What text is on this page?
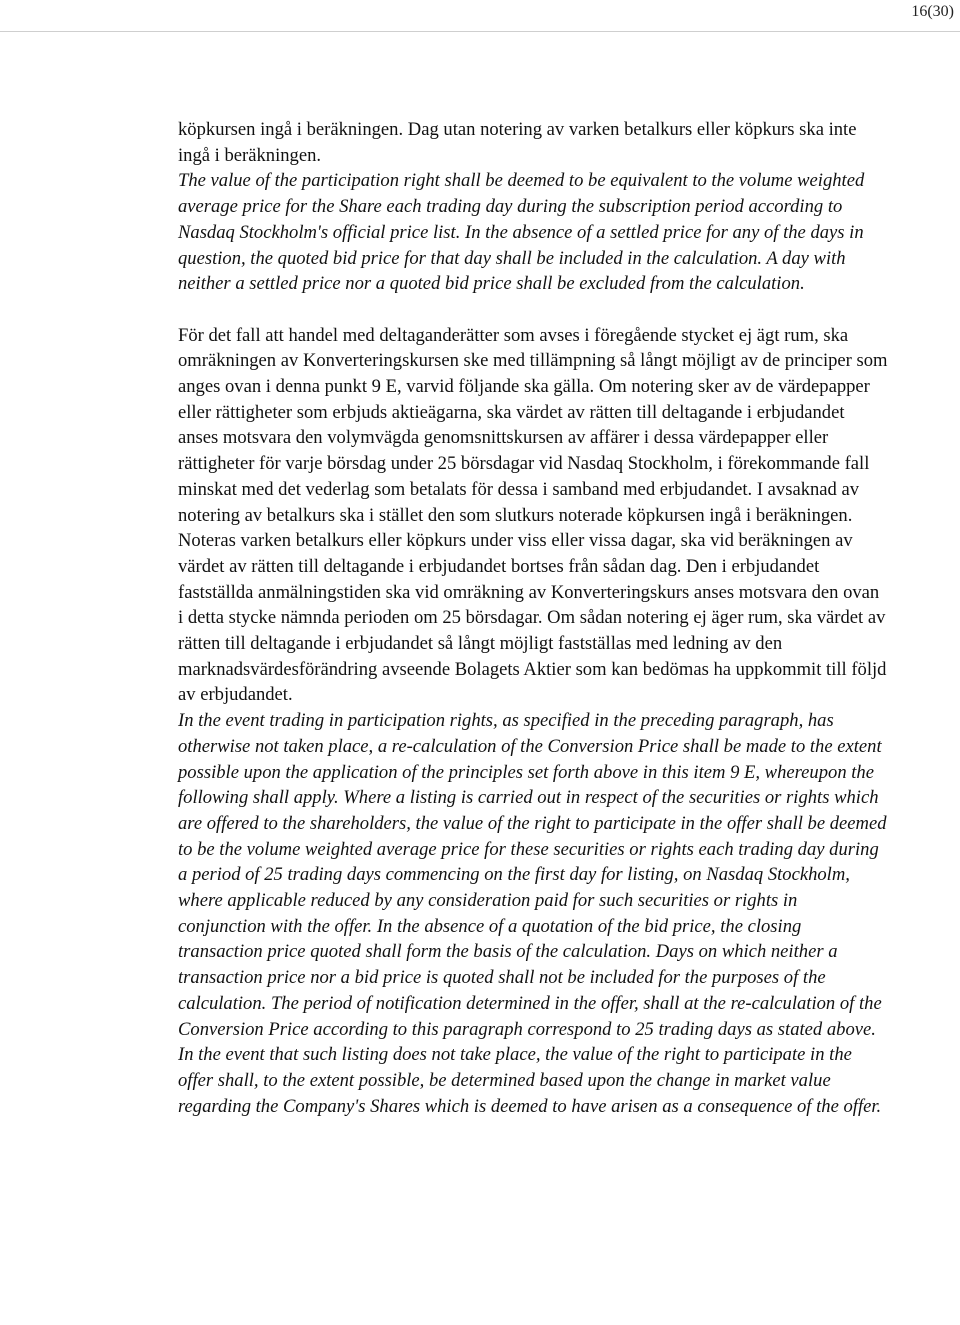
16(30)

köpkursen ingå i beräkningen. Dag utan notering av varken betalkurs eller köpkurs ska inte ingå i beräkningen.

The value of the participation right shall be deemed to be equivalent to the volume weighted average price for the Share each trading day during the subscription period according to Nasdaq Stockholm's official price list. In the absence of a settled price for any of the days in question, the quoted bid price for that day shall be included in the calculation. A day with neither a settled price nor a quoted bid price shall be excluded from the calculation.

För det fall att handel med deltaganderätter som avses i föregående stycket ej ägt rum, ska omräkningen av Konverteringskursen ske med tillämpning så långt möjligt av de principer som anges ovan i denna punkt 9 E, varvid följande ska gälla. Om notering sker av de värdepapper eller rättigheter som erbjuds aktieägarna, ska värdet av rätten till deltagande i erbjudandet anses motsvara den volymvägda genomsnittskursen av affärer i dessa värdepapper eller rättigheter för varje börsdag under 25 börsdagar vid Nasdaq Stockholm, i förekommande fall minskat med det vederlag som betalats för dessa i samband med erbjudandet. I avsaknad av notering av betalkurs ska i stället den som slutkurs noterade köpkursen ingå i beräkningen. Noteras varken betalkurs eller köpkurs under viss eller vissa dagar, ska vid beräkningen av värdet av rätten till deltagande i erbjudandet bortses från sådan dag. Den i erbjudandet fastställda anmälningstiden ska vid omräkning av Konverteringskurs anses motsvara den ovan i detta stycke nämnda perioden om 25 börsdagar. Om sådan notering ej äger rum, ska värdet av rätten till deltagande i erbjudandet så långt möjligt fastställas med ledning av den marknadsvärdesförändring avseende Bolagets Aktier som kan bedömas ha uppkommit till följd av erbjudandet.

In the event trading in participation rights, as specified in the preceding paragraph, has otherwise not taken place, a re-calculation of the Conversion Price shall be made to the extent possible upon the application of the principles set forth above in this item 9 E, whereupon the following shall apply. Where a listing is carried out in respect of the securities or rights which are offered to the shareholders, the value of the right to participate in the offer shall be deemed to be the volume weighted average price for these securities or rights each trading day during a period of 25 trading days commencing on the first day for listing, on Nasdaq Stockholm, where applicable reduced by any consideration paid for such securities or rights in conjunction with the offer. In the absence of a quotation of the bid price, the closing transaction price quoted shall form the basis of the calculation. Days on which neither a transaction price nor a bid price is quoted shall not be included for the purposes of the calculation. The period of notification determined in the offer, shall at the re-calculation of the Conversion Price according to this paragraph correspond to 25 trading days as stated above. In the event that such listing does not take place, the value of the right to participate in the offer shall, to the extent possible, be determined based upon the change in market value regarding the Company's Shares which is deemed to have arisen as a consequence of the offer.
